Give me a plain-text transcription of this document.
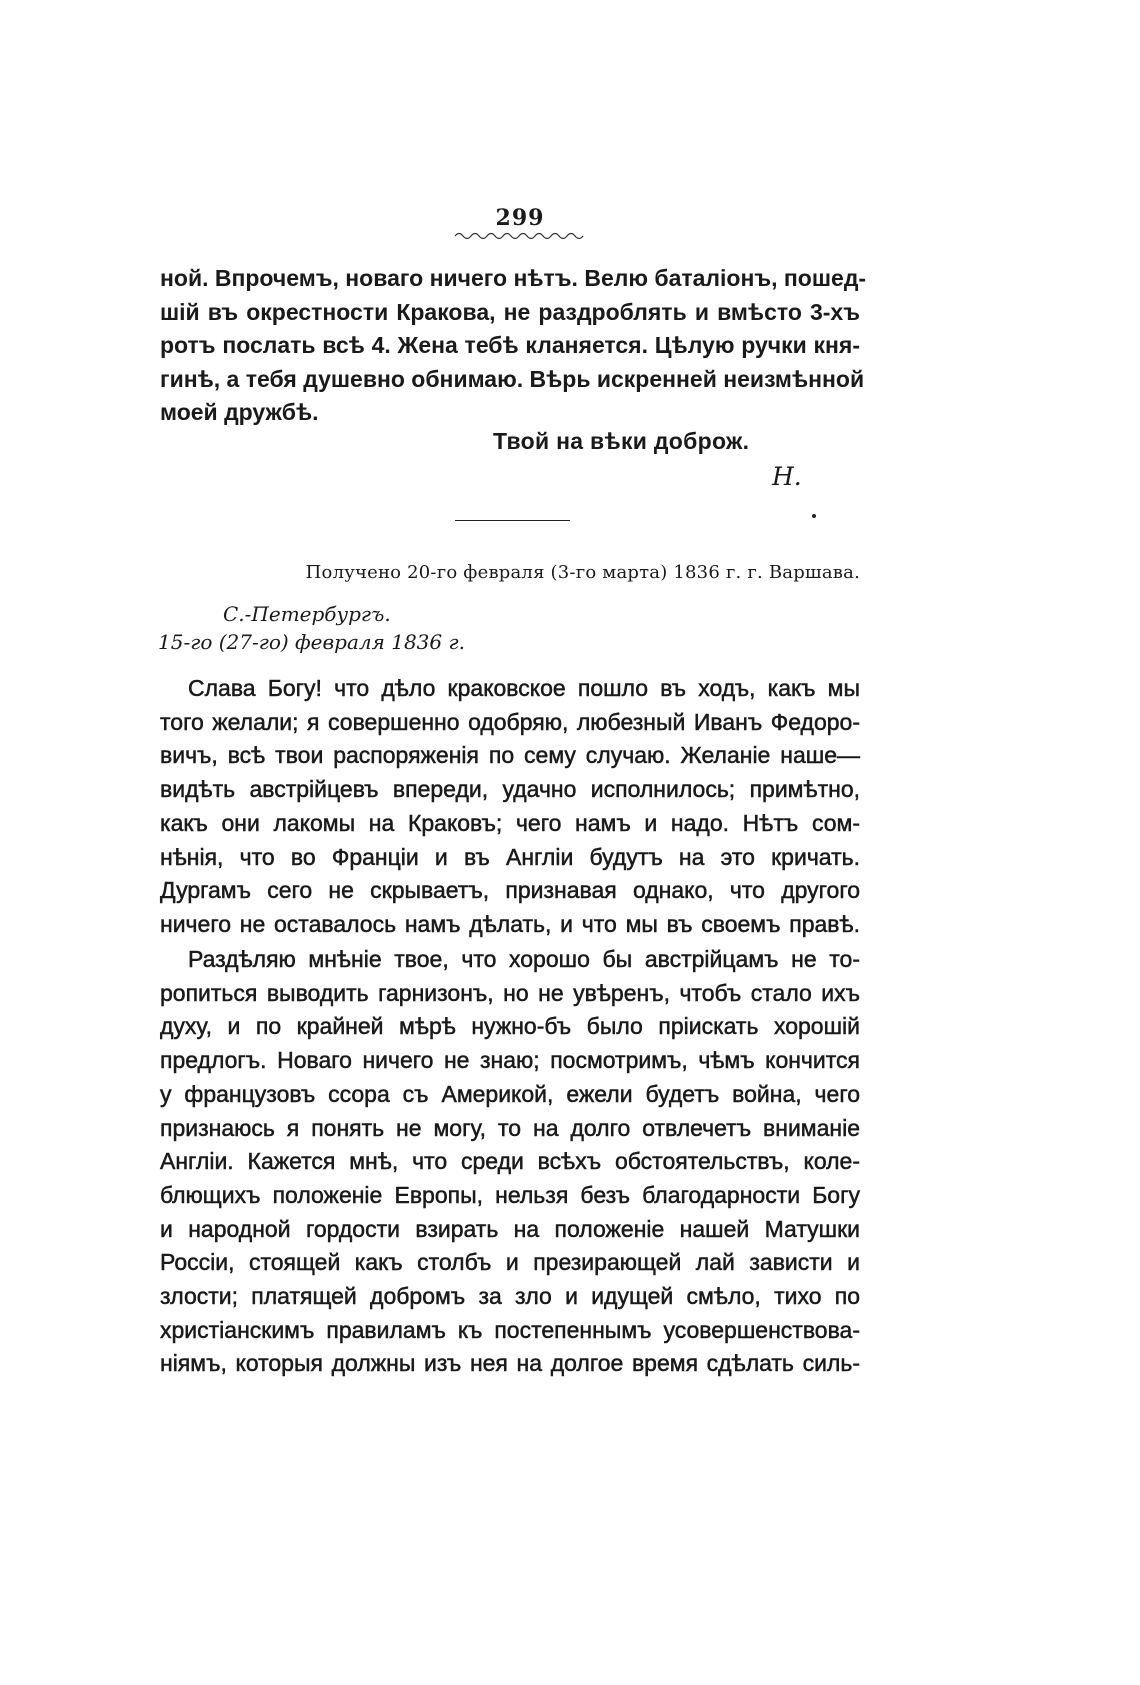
299
ной. Впрочемъ, новаго ничего нѣтъ. Велю баталіонъ, пошед-
шій въ окрестности Кракова, не раздроблять и вмѣсто 3-хъ
ротъ послать всѣ 4. Жена тебѣ кланяется. Цѣлую ручки кня-
гинѣ, а тебя душевно обнимаю. Вѣрь искренней неизмѣнной
моей дружбѣ.
Твой на вѣки доброж.
Н.
Получено 20-го февраля (3-го марта) 1836 г. г. Варшава.
С.-Петербургъ.
15-го (27-го) февраля 1836 г.
Слава Богу! что дѣло краковское пошло въ ходъ, какъ мы
того желали; я совершенно одобряю, любезный Иванъ Федоро-
вичъ, всѣ твои распоряженія по сему случаю. Желаніе наше—
видѣть австрійцевъ впереди, удачно исполнилось; примѣтно,
какъ они лакомы на Краковъ; чего намъ и надо. Нѣтъ сом-
нѣнія, что во Франціи и въ Англіи будутъ на это кричать.
Дургамъ сего не скрываетъ, признавая однако, что другого
ничего не оставалось намъ дѣлать, и что мы въ своемъ правѣ.
Раздѣляю мнѣніе твое, что хорошо бы австрійцамъ не то-
ропиться выводить гарнизонъ, но не увѣренъ, чтобъ стало ихъ
духу, и по крайней мѣрѣ нужно-бъ было пріискать хорошій
предлогъ. Новаго ничего не знаю; посмотримъ, чѣмъ кончится
у французовъ ссора съ Америкой, ежели будетъ война, чего
признаюсь я понять не могу, то на долго отвлечетъ вниманіе
Англіи. Кажется мнѣ, что среди всѣхъ обстоятельствъ, коле-
блющихъ положеніе Европы, нельзя безъ благодарности Богу
и народной гордости взирать на положеніе нашей Матушки
Россіи, стоящей какъ столбъ и презирающей лай зависти и
злости; платящей добромъ за зло и идущей смѣло, тихо по
христіанскимъ правиламъ къ постепеннымъ усовершенствова-
ніямъ, которыя должны изъ нея на долгое время сдѣлать силь-
